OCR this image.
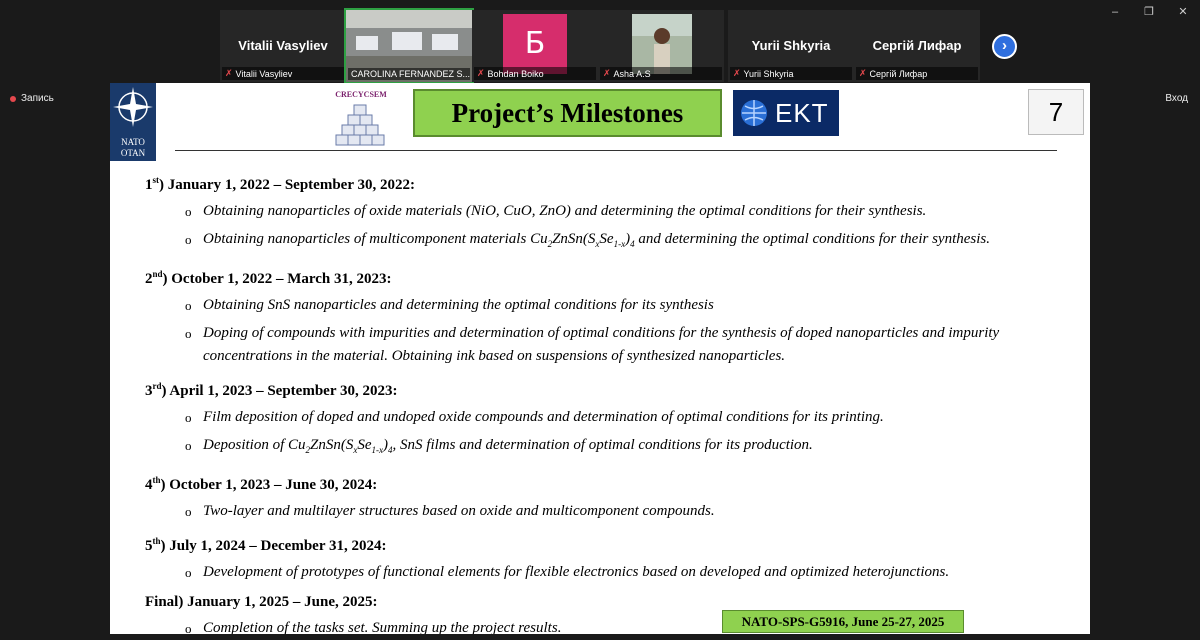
–	❐ ✕
Vitalii Vasyliev
✗ Vitalii Vasyliev	CAROLINA FERNANDEZ S...
Б
✗ Bohdan Boiko	✗ Asha A.S
Yurii Shkyria
✗ Yurii Shkyria
Сергій Лифар
✗ Сергій Лифар
›
Запись	Вход
NATO
OTAN
CRECYCSEM
Project’s Milestones	EKT	7
1st) January 1, 2022 – September 30, 2022:
o Obtaining nanoparticles of oxide materials (NiO, CuO, ZnO) and determining the optimal conditions for their synthesis.
o Obtaining nanoparticles of multicomponent materials $Cu_2ZnSn(S_xSe_{1-x})_4$ and determining the optimal conditions for their synthesis.
2nd) October 1, 2022 – March 31, 2023:
o Obtaining SnS nanoparticles and determining the optimal conditions for its synthesis
o Doping of compounds with impurities and determination of optimal conditions for the synthesis of doped nanoparticles and impurity concentrations in the material. Obtaining ink based on suspensions of synthesized nanoparticles.
3rd) April 1, 2023 – September 30, 2023:
o Film deposition of doped and undoped oxide compounds and determination of optimal conditions for its printing.
o Deposition of $Cu_2ZnSn(S_xSe_{1-x})_4$, SnS films and determination of optimal conditions for its production.
4th) October 1, 2023 – June 30, 2024:
o Two-layer and multilayer structures based on oxide and multicomponent compounds.
5th) July 1, 2024 – December 31, 2024:
o Development of prototypes of functional elements for flexible electronics based on developed and optimized heterojunctions.
Final) January 1, 2025 – June, 2025:
o Completion of the tasks set. Summing up the project results.	NATO-SPS-G5916, June 25-27, 2025
